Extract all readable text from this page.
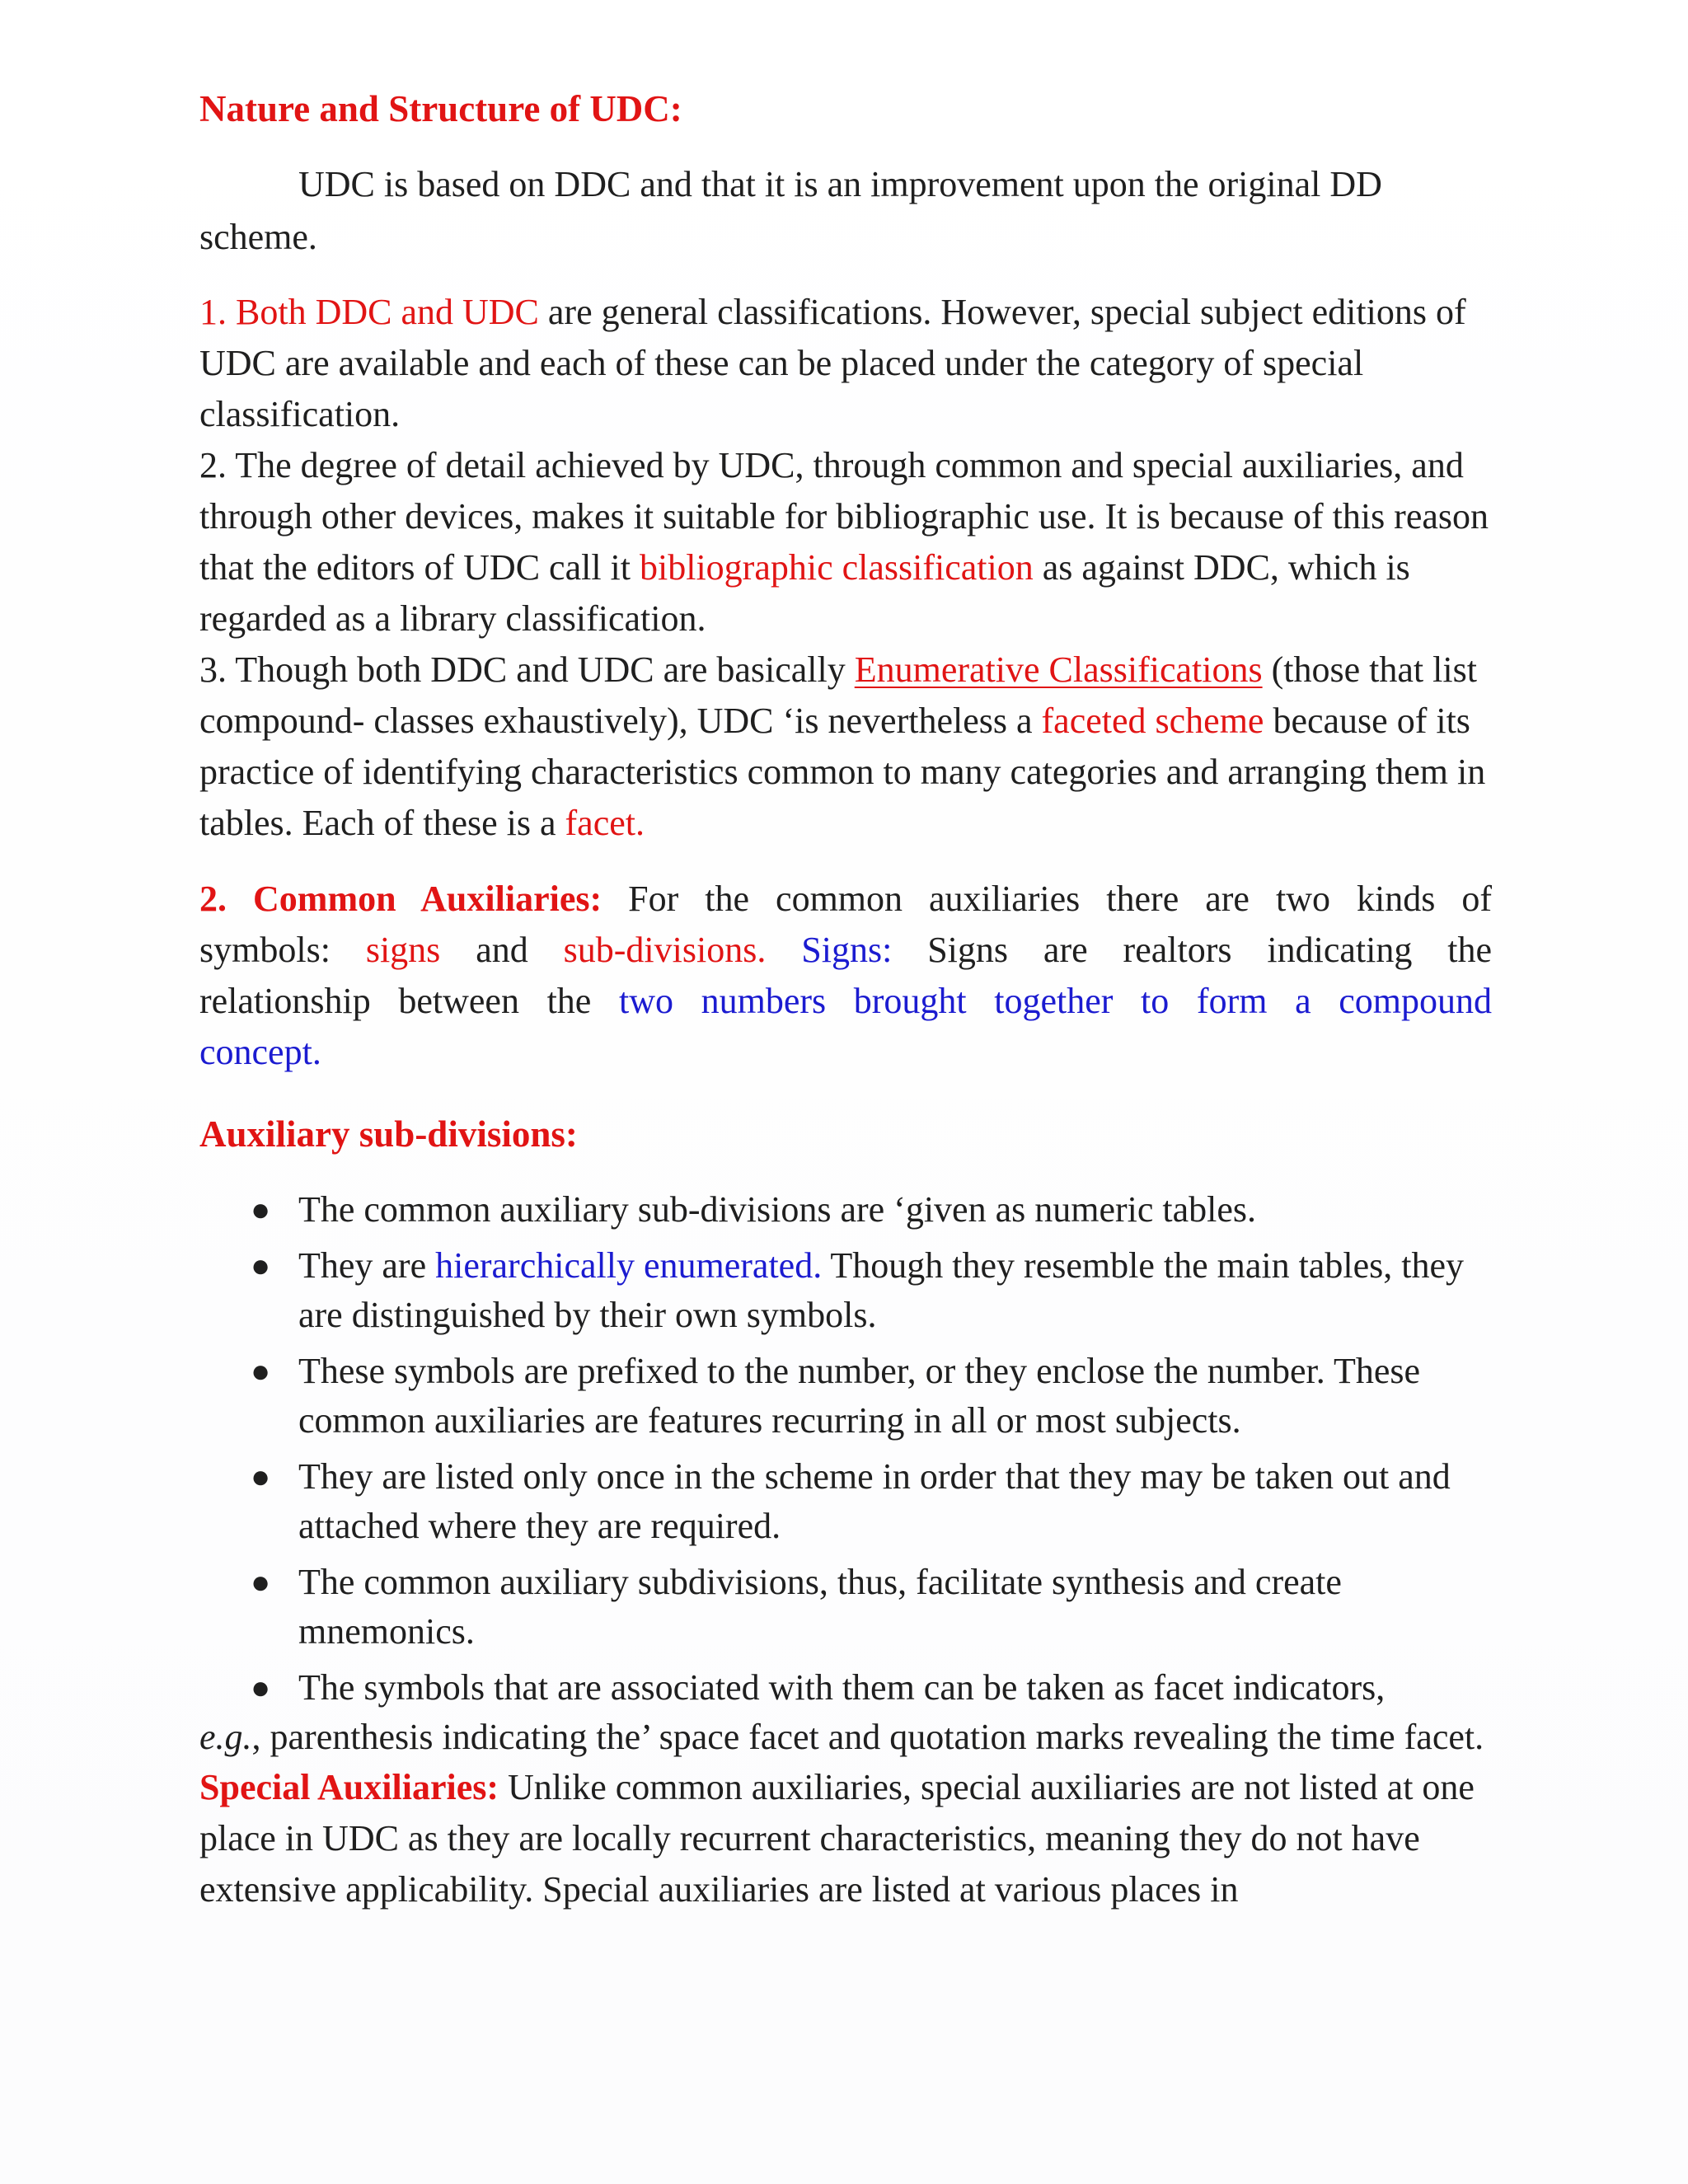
Nature and Structure of UDC:

UDC is based on DDC and that it is an improvement upon the original DD scheme.

1. Both DDC and UDC are general classifications. However, special subject editions of UDC are available and each of these can be placed under the category of special classification.

2. The degree of detail achieved by UDC, through common and special auxiliaries, and through other devices, makes it suitable for bibliographic use. It is because of this reason that the editors of UDC call it bibliographic classification as against DDC, which is regarded as a library classification.

3. Though both DDC and UDC are basically Enumerative Classifications (those that list compound- classes exhaustively), UDC ‘is nevertheless a faceted scheme because of its practice of identifying characteristics common to many categories and arranging them in tables. Each of these is a facet.

2. Common Auxiliaries: For the common auxiliaries there are two kinds of symbols: signs and sub-divisions. Signs: Signs are realtors indicating the relationship between the two numbers brought together to form a compound concept.

Auxiliary sub-divisions:
● The common auxiliary sub-divisions are ‘given as numeric tables.
● They are hierarchically enumerated. Though they resemble the main tables, they are distinguished by their own symbols.
● These symbols are prefixed to the number, or they enclose the number. These common auxiliaries are features recurring in all or most subjects.
● They are listed only once in the scheme in order that they may be taken out and attached where they are required.
● The common auxiliary subdivisions, thus, facilitate synthesis and create mnemonics.
● The symbols that are associated with them can be taken as facet indicators,
e.g., parenthesis indicating the’ space facet and quotation marks revealing the time facet.

Special Auxiliaries: Unlike common auxiliaries, special auxiliaries are not listed at one place in UDC as they are locally recurrent characteristics, meaning they do not have extensive applicability. Special auxiliaries are listed at various places in
